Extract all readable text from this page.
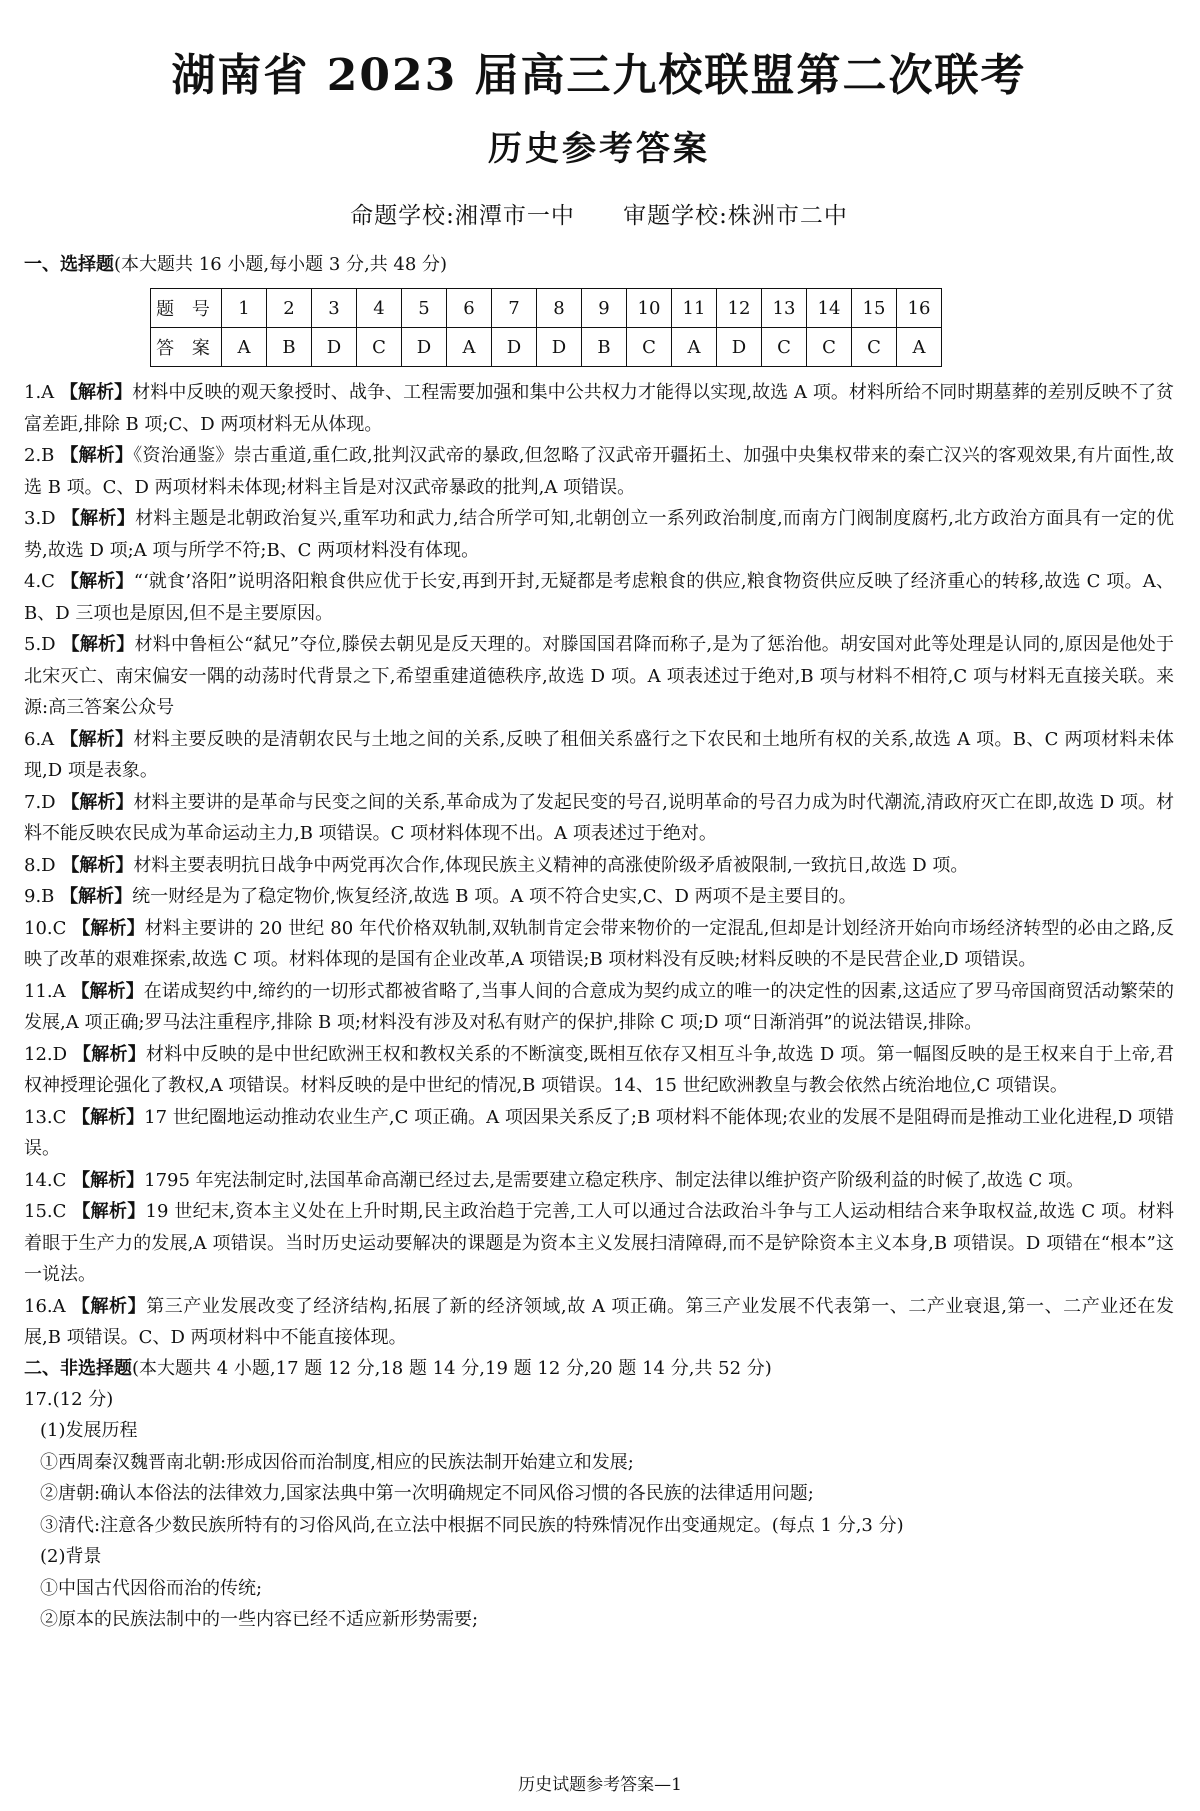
湖南省 2023 届高三九校联盟第二次联考
历史参考答案
命题学校:湘潭市一中 审题学校:株洲市二中
一、选择题(本大题共 16 小题,每小题 3 分,共 48 分)
题 号	1	2	3	4	5	6	7	8	9	10	11	12	13	14	15	16
答 案	A	B	D	C	D	A	D	D	B	C	A	D	C	C	C	A

1.A 【解析】材料中反映的观天象授时、战争、工程需要加强和集中公共权力才能得以实现,故选 A 项。材料所给不同时期墓葬的差别反映不了贫富差距,排除 B 项;C、D 两项材料无从体现。

2.B 【解析】《资治通鉴》崇古重道,重仁政,批判汉武帝的暴政,但忽略了汉武帝开疆拓土、加强中央集权带来的秦亡汉兴的客观效果,有片面性,故选 B 项。C、D 两项材料未体现;材料主旨是对汉武帝暴政的批判,A 项错误。

3.D 【解析】材料主题是北朝政治复兴,重军功和武力,结合所学可知,北朝创立一系列政治制度,而南方门阀制度腐朽,北方政治方面具有一定的优势,故选 D 项;A 项与所学不符;B、C 两项材料没有体现。

4.C 【解析】“‘就食’洛阳”说明洛阳粮食供应优于长安,再到开封,无疑都是考虑粮食的供应,粮食物资供应反映了经济重心的转移,故选 C 项。A、B、D 三项也是原因,但不是主要原因。

5.D 【解析】材料中鲁桓公“弑兄”夺位,滕侯去朝见是反天理的。对滕国国君降而称子,是为了惩治他。胡安国对此等处理是认同的,原因是他处于北宋灭亡、南宋偏安一隅的动荡时代背景之下,希望重建道德秩序,故选 D 项。A 项表述过于绝对,B 项与材料不相符,C 项与材料无直接关联。来源:高三答案公众号

6.A 【解析】材料主要反映的是清朝农民与土地之间的关系,反映了租佃关系盛行之下农民和土地所有权的关系,故选 A 项。B、C 两项材料未体现,D 项是表象。

7.D 【解析】材料主要讲的是革命与民变之间的关系,革命成为了发起民变的号召,说明革命的号召力成为时代潮流,清政府灭亡在即,故选 D 项。材料不能反映农民成为革命运动主力,B 项错误。C 项材料体现不出。A 项表述过于绝对。

8.D 【解析】材料主要表明抗日战争中两党再次合作,体现民族主义精神的高涨使阶级矛盾被限制,一致抗日,故选 D 项。

9.B 【解析】统一财经是为了稳定物价,恢复经济,故选 B 项。A 项不符合史实,C、D 两项不是主要目的。

10.C 【解析】材料主要讲的 20 世纪 80 年代价格双轨制,双轨制肯定会带来物价的一定混乱,但却是计划经济开始向市场经济转型的必由之路,反映了改革的艰难探索,故选 C 项。材料体现的是国有企业改革,A 项错误;B 项材料没有反映;材料反映的不是民营企业,D 项错误。

11.A 【解析】在诺成契约中,缔约的一切形式都被省略了,当事人间的合意成为契约成立的唯一的决定性的因素,这适应了罗马帝国商贸活动繁荣的发展,A 项正确;罗马法注重程序,排除 B 项;材料没有涉及对私有财产的保护,排除 C 项;D 项“日渐消弭”的说法错误,排除。

12.D 【解析】材料中反映的是中世纪欧洲王权和教权关系的不断演变,既相互依存又相互斗争,故选 D 项。第一幅图反映的是王权来自于上帝,君权神授理论强化了教权,A 项错误。材料反映的是中世纪的情况,B 项错误。14、15 世纪欧洲教皇与教会依然占统治地位,C 项错误。

13.C 【解析】17 世纪圈地运动推动农业生产,C 项正确。A 项因果关系反了;B 项材料不能体现;农业的发展不是阻碍而是推动工业化进程,D 项错误。

14.C 【解析】1795 年宪法制定时,法国革命高潮已经过去,是需要建立稳定秩序、制定法律以维护资产阶级利益的时候了,故选 C 项。

15.C 【解析】19 世纪末,资本主义处在上升时期,民主政治趋于完善,工人可以通过合法政治斗争与工人运动相结合来争取权益,故选 C 项。材料着眼于生产力的发展,A 项错误。当时历史运动要解决的课题是为资本主义发展扫清障碍,而不是铲除资本主义本身,B 项错误。D 项错在“根本”这一说法。

16.A 【解析】第三产业发展改变了经济结构,拓展了新的经济领域,故 A 项正确。第三产业发展不代表第一、二产业衰退,第一、二产业还在发展,B 项错误。C、D 两项材料中不能直接体现。

二、非选择题(本大题共 4 小题,17 题 12 分,18 题 14 分,19 题 12 分,20 题 14 分,共 52 分)

17.(12 分)

(1)发展历程

①西周秦汉魏晋南北朝:形成因俗而治制度,相应的民族法制开始建立和发展;

②唐朝:确认本俗法的法律效力,国家法典中第一次明确规定不同风俗习惯的各民族的法律适用问题;

③清代:注意各少数民族所特有的习俗风尚,在立法中根据不同民族的特殊情况作出变通规定。(每点 1 分,3 分)

(2)背景

①中国古代因俗而治的传统;

②原本的民族法制中的一些内容已经不适应新形势需要;

历史试题参考答案—1
